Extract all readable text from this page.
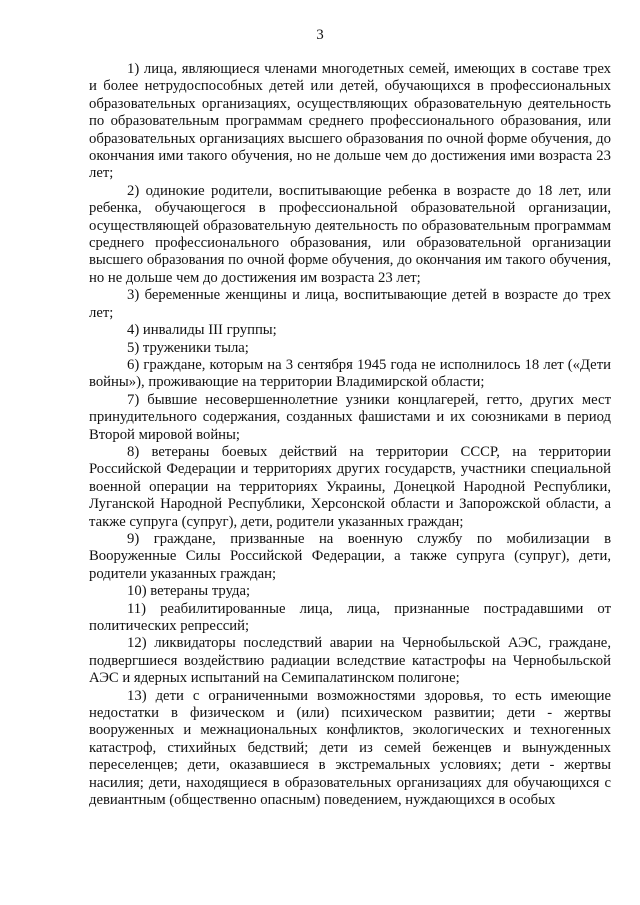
3

1) лица, являющиеся членами многодетных семей, имеющих в составе трех и более нетрудоспособных детей или детей, обучающихся в профессиональных образовательных организациях, осуществляющих образовательную деятельность по образовательным программам среднего профессионального образования, или образовательных организациях высшего образования по очной форме обучения, до окончания ими такого обучения, но не дольше чем до достижения ими возраста 23 лет;

2) одинокие родители, воспитывающие ребенка в возрасте до 18 лет, или ребенка, обучающегося в профессиональной образовательной организации, осуществляющей образовательную деятельность по образовательным программам среднего профессионального образования, или образовательной организации высшего образования по очной форме обучения, до окончания им такого обучения, но не дольше чем до достижения им возраста 23 лет;

3) беременные женщины и лица, воспитывающие детей в возрасте до трех лет;

4) инвалиды III группы;

5) труженики тыла;

6) граждане, которым на 3 сентября 1945 года не исполнилось 18 лет («Дети войны»), проживающие на территории Владимирской области;

7) бывшие несовершеннолетние узники концлагерей, гетто, других мест принудительного содержания, созданных фашистами и их союзниками в период Второй мировой войны;

8) ветераны боевых действий на территории СССР, на территории Российской Федерации и территориях других государств, участники специальной военной операции на территориях Украины, Донецкой Народной Республики, Луганской Народной Республики, Херсонской области и Запорожской области, а также супруга (супруг), дети, родители указанных граждан;

9) граждане, призванные на военную службу по мобилизации в Вооруженные Силы Российской Федерации, а также супруга (супруг), дети, родители указанных граждан;

10) ветераны труда;

11) реабилитированные лица, лица, признанные пострадавшими от политических репрессий;

12) ликвидаторы последствий аварии на Чернобыльской АЭС, граждане, подвергшиеся воздействию радиации вследствие катастрофы на Чернобыльской АЭС и ядерных испытаний на Семипалатинском полигоне;

13) дети с ограниченными возможностями здоровья, то есть имеющие недостатки в физическом и (или) психическом развитии; дети - жертвы вооруженных и межнациональных конфликтов, экологических и техногенных катастроф, стихийных бедствий; дети из семей беженцев и вынужденных переселенцев; дети, оказавшиеся в экстремальных условиях; дети - жертвы насилия; дети, находящиеся в образовательных организациях для обучающихся с девиантным (общественно опасным) поведением, нуждающихся в особых
